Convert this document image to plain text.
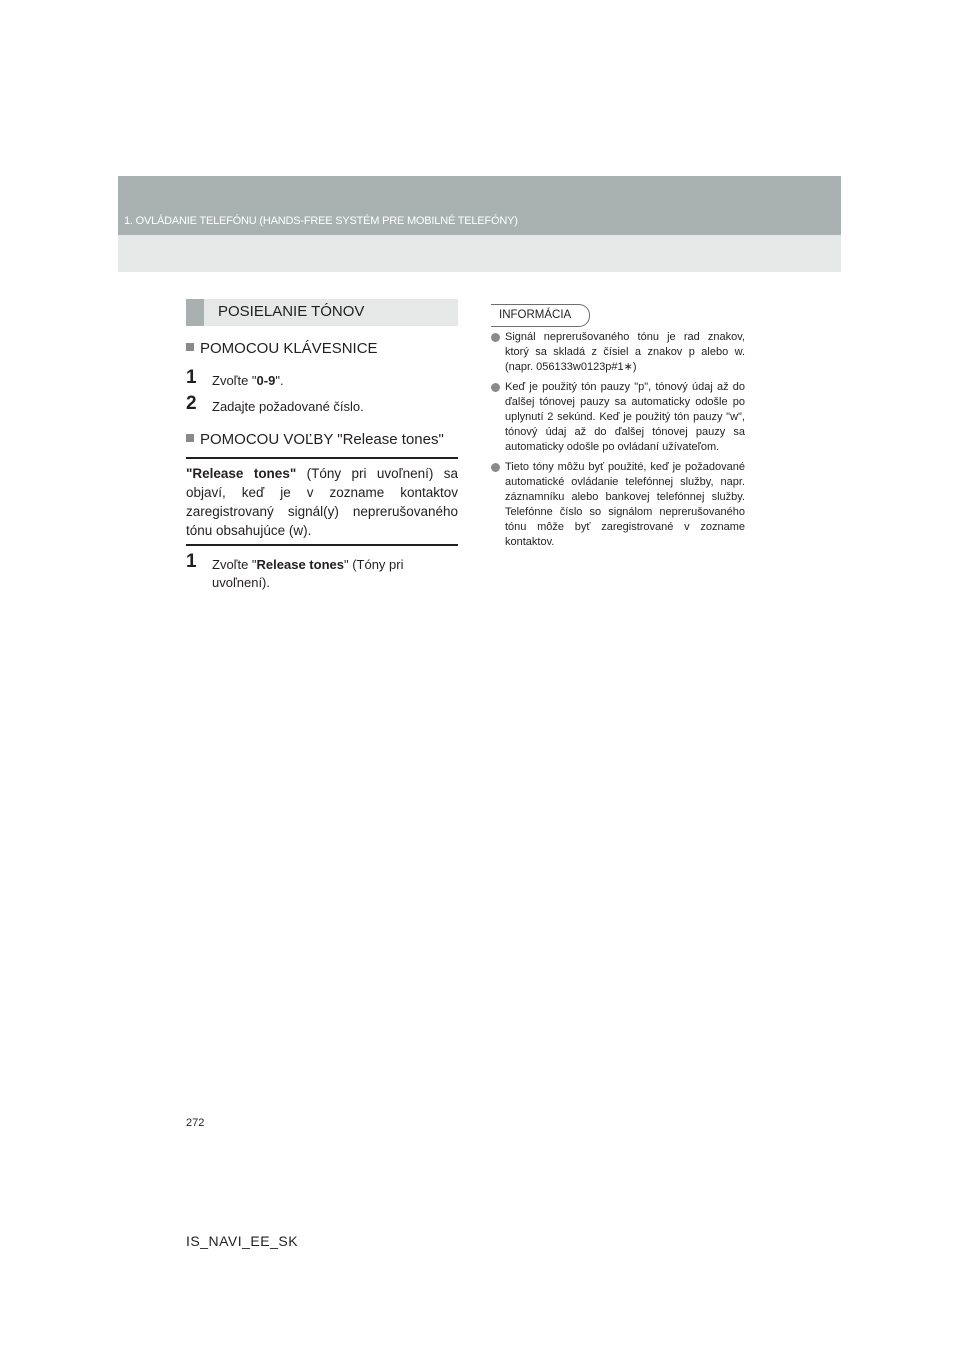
1. OVLÁDANIE TELEFÓNU (HANDS-FREE SYSTÉM PRE MOBILNÉ TELEFÓNY)
POSIELANIE TÓNOV
POMOCOU KLÁVESNICE
1	Zvoľte "0-9".
2	Zadajte požadované číslo.
POMOCOU VOĽBY "Release tones"
"Release tones" (Tóny pri uvoľnení) sa objaví, keď je v zozname kontaktov zaregistrovaný signál(y) neprerušovaného tónu obsahujúce (w).
1	Zvoľte "Release tones" (Tóny pri uvoľnení).
INFORMÁCIA
Signál neprerušovaného tónu je rad znakov, ktorý sa skladá z čísiel a znakov p alebo w. (napr. 056133w0123p#1∗)
Keď je použitý tón pauzy "p", tónový údaj až do ďalšej tónovej pauzy sa automaticky odošle po uplynutí 2 sekúnd. Keď je použitý tón pauzy "w", tónový údaj až do ďalšej tónovej pauzy sa automaticky odošle po ovládaní užívateľom.
Tieto tóny môžu byť použité, keď je požadované automatické ovládanie telefónnej služby, napr. záznamníku alebo bankovej telefónnej služby. Telefónne číslo so signálom neprerušovaného tónu môže byť zaregistrované v zozname kontaktov.
272
IS_NAVI_EE_SK
